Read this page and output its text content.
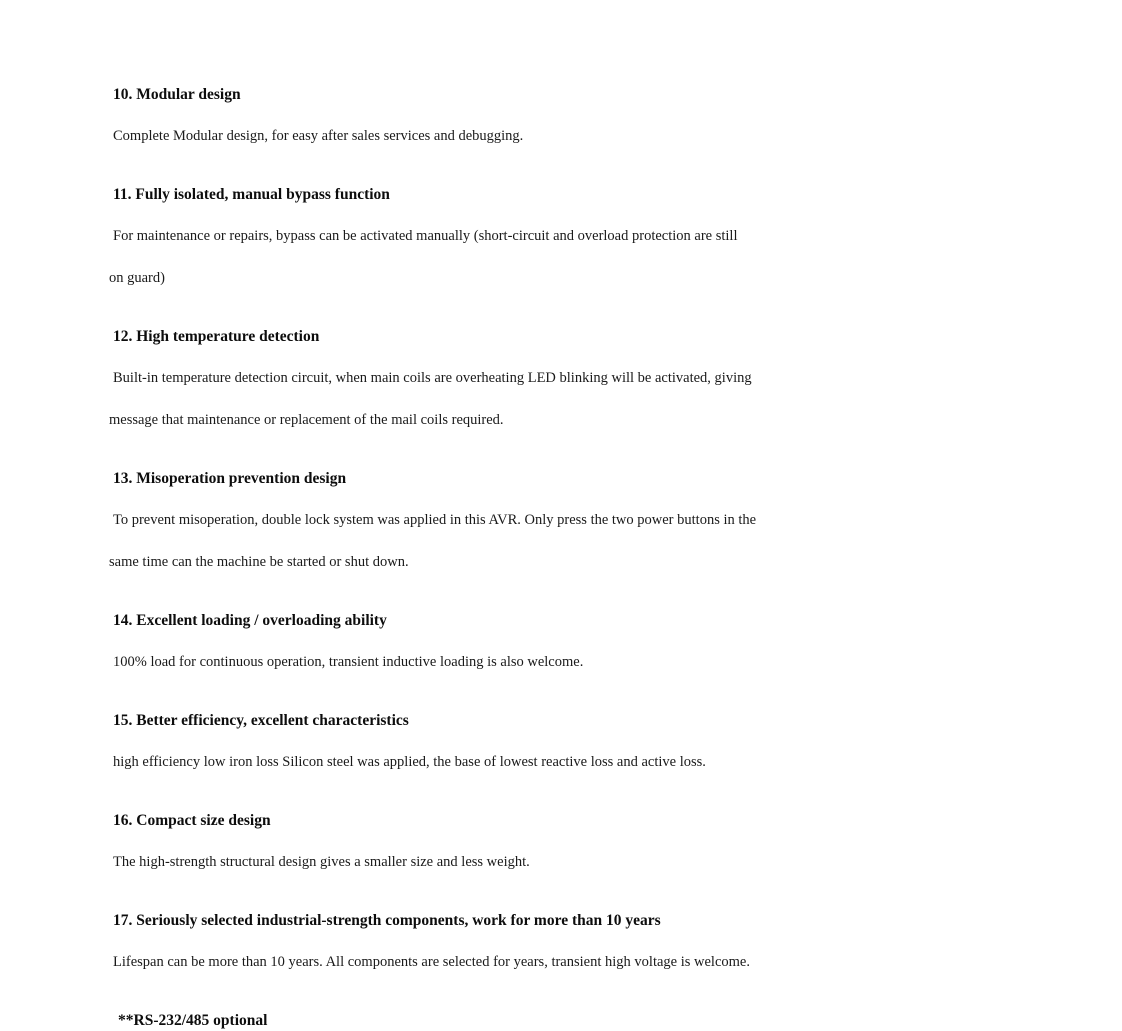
10. Modular design

Complete Modular design, for easy after sales services and debugging.

11. Fully isolated, manual bypass function

For maintenance or repairs, bypass can be activated manually (short-circuit and overload protection are still

on guard)

12. High temperature detection

Built-in temperature detection circuit, when main coils are overheating LED blinking will be activated, giving

message that maintenance or replacement of the mail coils required.

13. Misoperation prevention design

To prevent misoperation, double lock system was applied in this AVR. Only press the two power buttons in the

same time can the machine be started or shut down.

14. Excellent loading / overloading ability

100% load for continuous operation, transient inductive loading is also welcome.

15. Better efficiency, excellent characteristics

high efficiency low iron loss Silicon steel was applied, the base of lowest reactive loss and active loss.

16. Compact size design

The high-strength structural design gives a smaller size and less weight.

17. Seriously selected industrial-strength components, work for more than 10 years

Lifespan can be more than 10 years. All components are selected for years, transient high voltage is welcome.

**RS-232/485 optional
